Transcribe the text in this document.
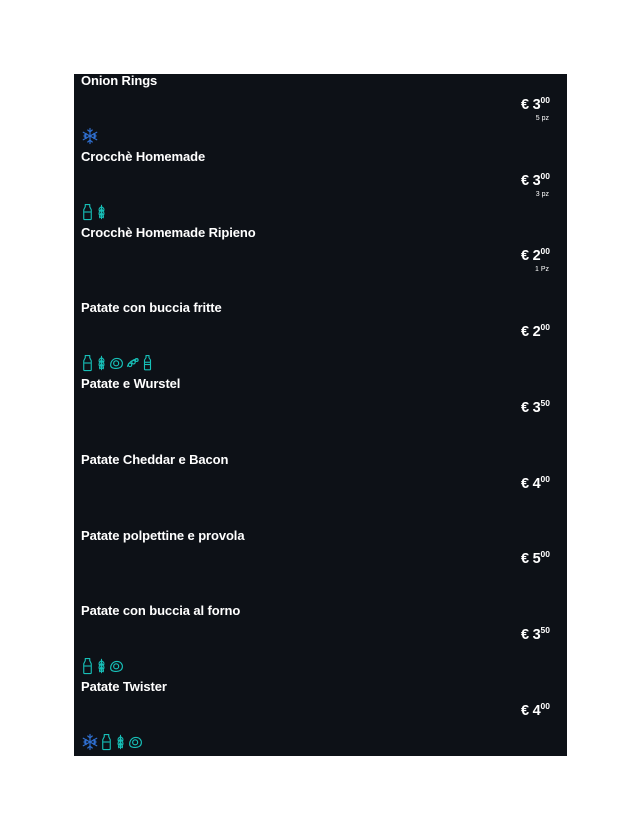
Onion Rings
€ $3^{00}$
5 pz
Crocchè Homemade
€ $3^{00}$
3 pz
Crocchè Homemade Ripieno
€ $2^{00}$
1 Pz
Patate con buccia fritte
€ $2^{00}$
Patate e Wurstel
€ $3^{50}$
Patate Cheddar e Bacon
€ $4^{00}$
Patate polpettine e provola
€ $5^{00}$
Patate con buccia al forno
€ $3^{50}$
Patate Twister
€ $4^{00}$
